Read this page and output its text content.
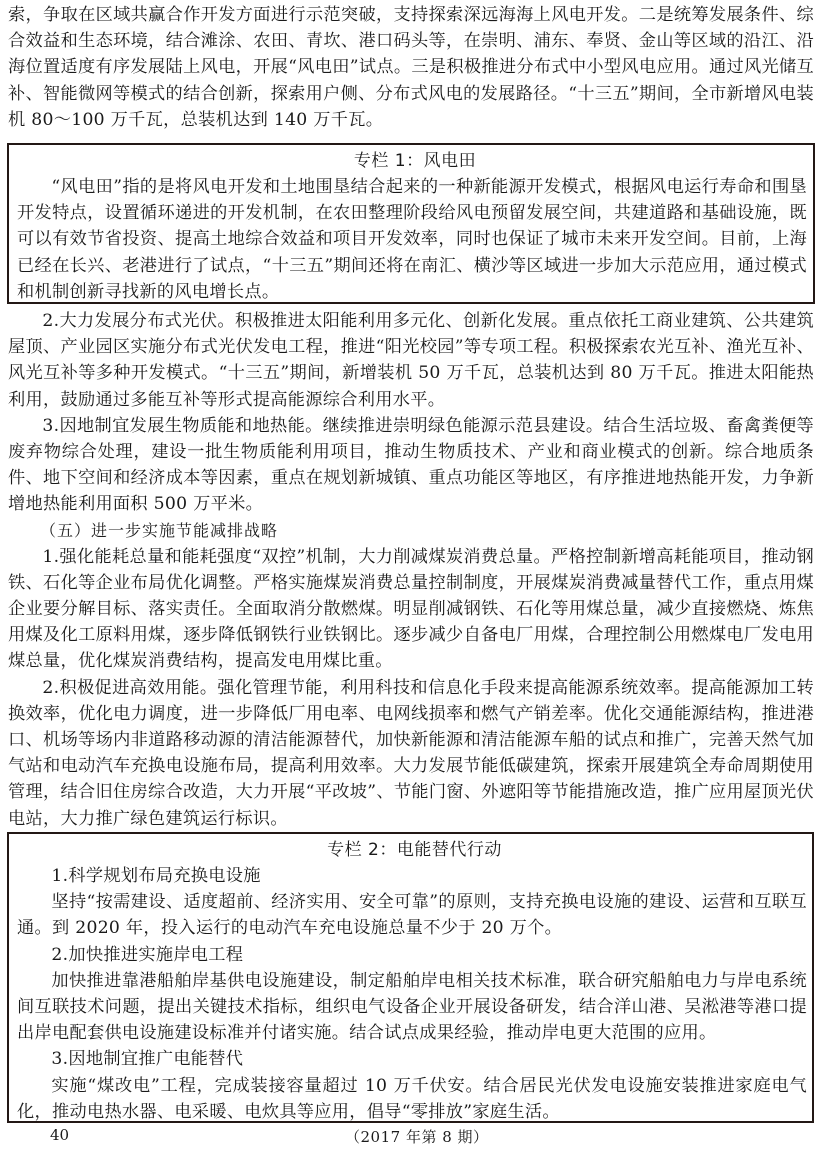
索，争取在区域共赢合作开发方面进行示范突破，支持探索深远海海上风电开发。二是统筹发展条件、综合效益和生态环境，结合滩涂、农田、青坎、港口码头等，在崇明、浦东、奉贤、金山等区域的沿江、沿海位置适度有序发展陆上风电，开展“风电田”试点。三是积极推进分布式中小型风电应用。通过风光储互补、智能微网等模式的结合创新，探索用户侧、分布式风电的发展路径。“十三五”期间，全市新增风电装机 80～100 万千瓦，总装机达到 140 万千瓦。

专栏 1：风电田

“风电田”指的是将风电开发和土地围垦结合起来的一种新能源开发模式，根据风电运行寿命和围垦开发特点，设置循环递进的开发机制，在农田整理阶段给风电预留发展空间，共建道路和基础设施，既可以有效节省投资、提高土地综合效益和项目开发效率，同时也保证了城市未来开发空间。目前，上海已经在长兴、老港进行了试点，“十三五”期间还将在南汇、横沙等区域进一步加大示范应用，通过模式和机制创新寻找新的风电增长点。

2.大力发展分布式光伏。积极推进太阳能利用多元化、创新化发展。重点依托工商业建筑、公共建筑屋顶、产业园区实施分布式光伏发电工程，推进“阳光校园”等专项工程。积极探索农光互补、渔光互补、风光互补等多种开发模式。“十三五”期间，新增装机 50 万千瓦，总装机达到 80 万千瓦。推进太阳能热利用，鼓励通过多能互补等形式提高能源综合利用水平。

3.因地制宜发展生物质能和地热能。继续推进崇明绿色能源示范县建设。结合生活垃圾、畜禽粪便等废弃物综合处理，建设一批生物质能利用项目，推动生物质技术、产业和商业模式的创新。综合地质条件、地下空间和经济成本等因素，重点在规划新城镇、重点功能区等地区，有序推进地热能开发，力争新增地热能利用面积 500 万平米。

（五）进一步实施节能减排战略

1.强化能耗总量和能耗强度“双控”机制，大力削减煤炭消费总量。严格控制新增高耗能项目，推动钢铁、石化等企业布局优化调整。严格实施煤炭消费总量控制制度，开展煤炭消费减量替代工作，重点用煤企业要分解目标、落实责任。全面取消分散燃煤。明显削减钢铁、石化等用煤总量，减少直接燃烧、炼焦用煤及化工原料用煤，逐步降低钢铁行业铁钢比。逐步减少自备电厂用煤，合理控制公用燃煤电厂发电用煤总量，优化煤炭消费结构，提高发电用煤比重。

2.积极促进高效用能。强化管理节能，利用科技和信息化手段来提高能源系统效率。提高能源加工转换效率，优化电力调度，进一步降低厂用电率、电网线损率和燃气产销差率。优化交通能源结构，推进港口、机场等场内非道路移动源的清洁能源替代，加快新能源和清洁能源车船的试点和推广，完善天然气加气站和电动汽车充换电设施布局，提高利用效率。大力发展节能低碳建筑，探索开展建筑全寿命周期使用管理，结合旧住房综合改造，大力开展“平改坡”、节能门窗、外遮阳等节能措施改造，推广应用屋顶光伏电站，大力推广绿色建筑运行标识。

专栏 2：电能替代行动

1.科学规划布局充换电设施

坚持“按需建设、适度超前、经济实用、安全可靠”的原则，支持充换电设施的建设、运营和互联互通。到 2020 年，投入运行的电动汽车充电设施总量不少于 20 万个。

2.加快推进实施岸电工程

加快推进靠港船舶岸基供电设施建设，制定船舶岸电相关技术标准，联合研究船舶电力与岸电系统间互联技术问题，提出关键技术指标，组织电气设备企业开展设备研发，结合洋山港、吴淞港等港口提出岸电配套供电设施建设标准并付诸实施。结合试点成果经验，推动岸电更大范围的应用。

3.因地制宜推广电能替代

实施“煤改电”工程，完成装接容量超过 10 万千伏安。结合居民光伏发电设施安装推进家庭电气化，推动电热水器、电采暖、电炊具等应用，倡导“零排放”家庭生活。

40	（2017 年第 8 期）
